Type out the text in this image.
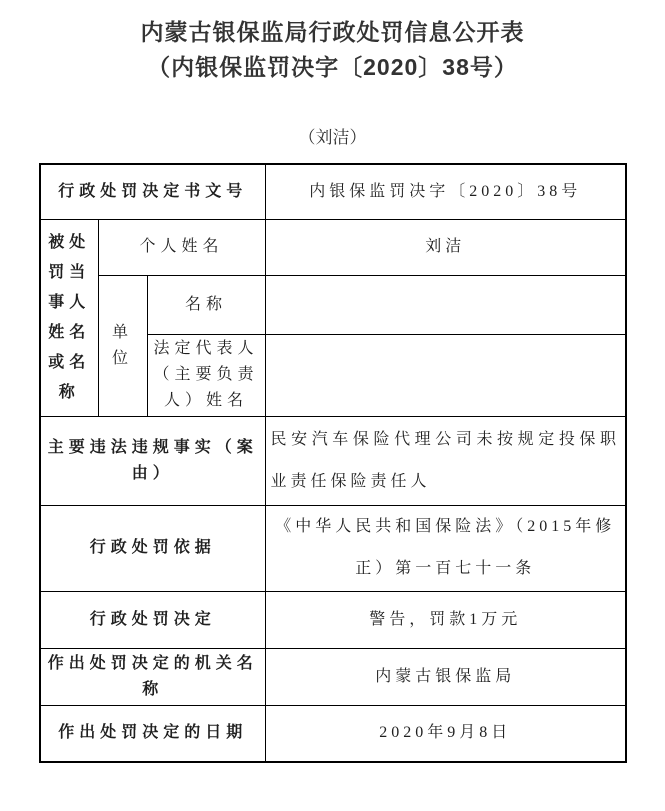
内蒙古银保监局行政处罚信息公开表
（内银保监罚决字〔2020〕38号）
（刘洁）
行政处罚决定书文号			内银保监罚决字〔2020〕38号
被处罚当事人姓名或名称	个人姓名		刘洁
	单位	名称	
		法定代表人（主要负责人）姓名	
主要违法违规事实（案由）			民安汽车保险代理公司未按规定投保职业责任保险责任人
行政处罚依据			《中华人民共和国保险法》（2015年修正）第一百七十一条
行政处罚决定			警告，罚款1万元
作出处罚决定的机关名称			内蒙古银保监局
作出处罚决定的日期			2020年9月8日
